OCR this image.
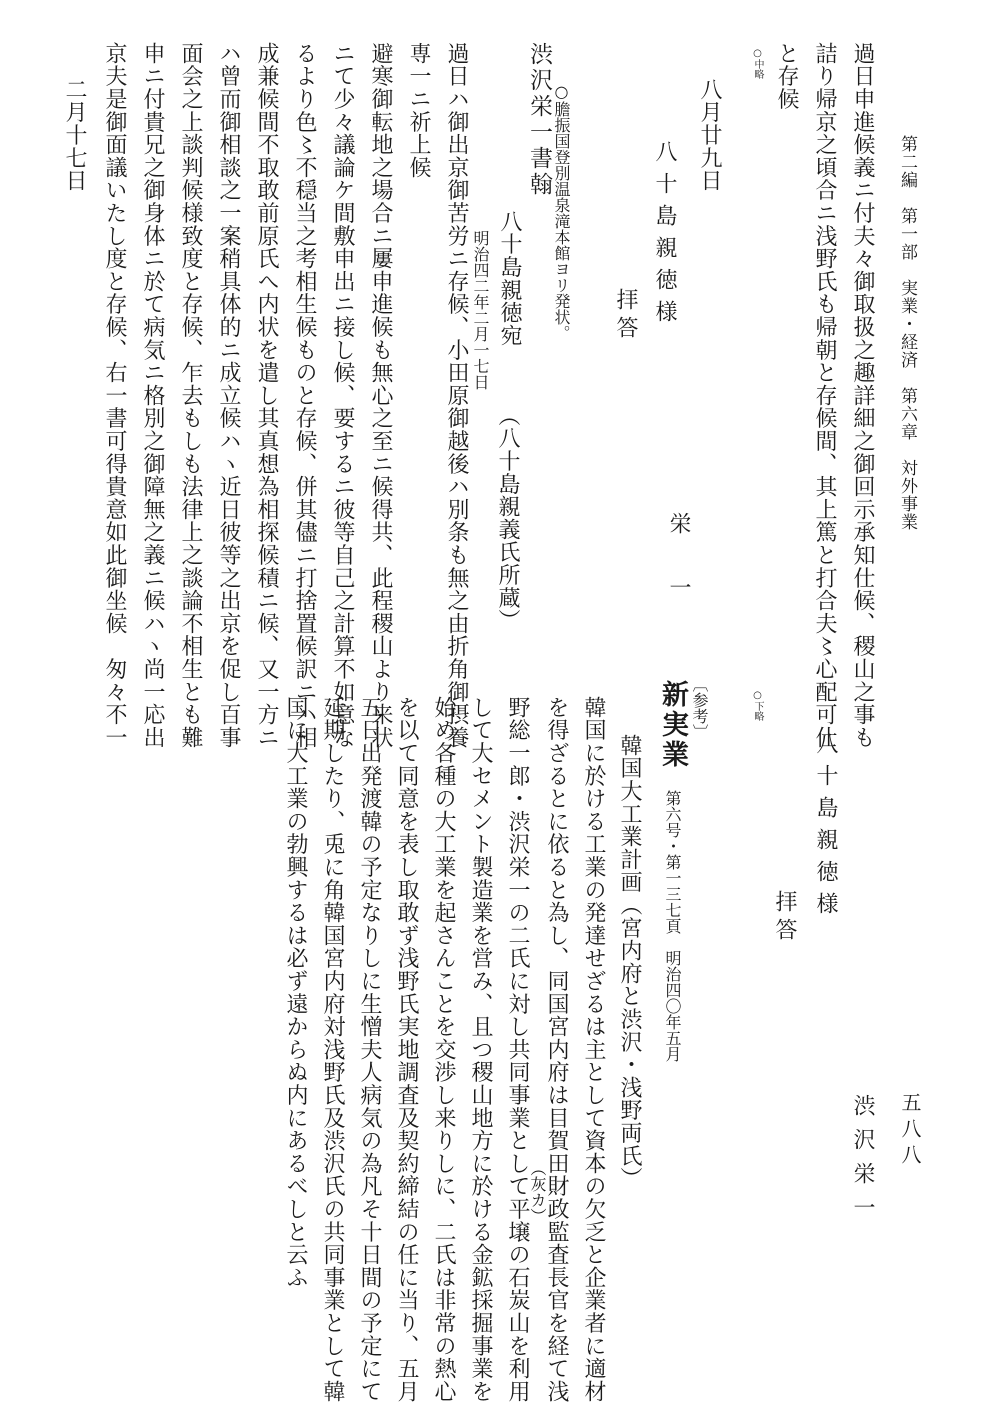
第二編　第一部　実業・経済　第六章　対外事業

五八八

過日申進候義ニ付夫々御取扱之趣詳細之御回示承知仕候、稷山之事も

詰り帰京之頃合ニ浅野氏も帰朝と存候間、其上篤と打合夫〻心配可仕

と存候

○中略

八月廿九日

八十島親徳様

拝答

栄一

渋沢栄一書翰

八十島親徳宛

明治四二年二月一七日

（八十島親義氏所蔵）

○膽振国登別温泉滝本館ヨリ発状。

過日ハ御出京御苦労ニ存候、小田原御越後ハ別条も無之由折角御摂養

専一ニ祈上候

避寒御転地之場合ニ屢申進候も無心之至ニ候得共、此程稷山より来状

ニて少々議論ケ間敷申出ニ接し候、要するニ彼等自己之計算不如意な

るより色〻不穏当之考相生候ものと存候、併其儘ニ打捨置候訳ニハ相

成兼候間不取敢前原氏へ内状を遣し其真想為相探候積ニ候、又一方ニ

ハ曾而御相談之一案稍具体的ニ成立候ハヽ近日彼等之出京を促し百事

面会之上談判候様致度と存候、乍去もしも法律上之談論不相生とも難

申ニ付貴兄之御身体ニ於て病気ニ格別之御障無之義ニ候ハヽ尚一応出

京夫是御面議いたし度と存候、右一書可得貴意如此御坐候　匆々不一

二月十七日

○下略

八十島親徳様

拝答

渋沢栄一

〔参考〕

新実業

第六号・第一三七頁　明治四〇年五月

韓国大工業計画（宮内府と渋沢・浅野両氏）

韓国に於ける工業の発達せざるは主として資本の欠乏と企業者に適材

を得ざるとに依ると為し、同国宮内府は目賀田財政監査長官を経て浅

（灰カ）

野総一郎・渋沢栄一の二氏に対し共同事業として平壌の石炭山を利用

して大セメント製造業を営み、且つ稷山地方に於ける金鉱採掘事業を

始め各種の大工業を起さんことを交渉し来りしに、二氏は非常の熱心

を以て同意を表し取敢ず浅野氏実地調査及契約締結の任に当り、五月

五日出発渡韓の予定なりしに生憎夫人病気の為凡そ十日間の予定にて

延期したり、兎に角韓国宮内府対浅野氏及渋沢氏の共同事業として韓

国に大工業の勃興するは必ず遠からぬ内にあるべしと云ふ
